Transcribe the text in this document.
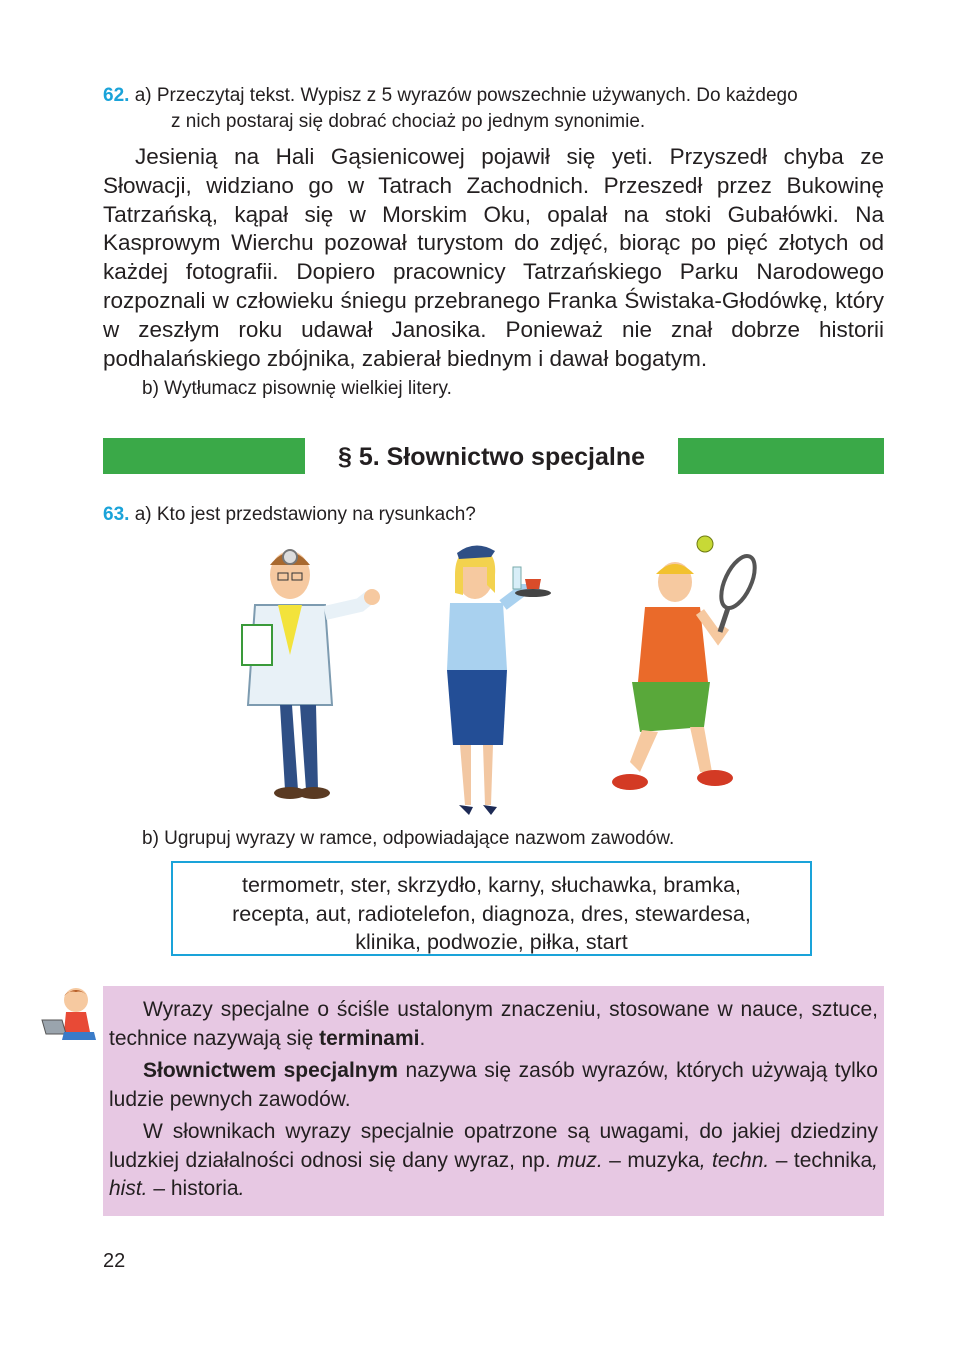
62. a) Przeczytaj tekst. Wypisz z 5 wyrazów powszechnie używanych. Do każdego
z nich postaraj się dobrać chociaż po jednym synonimie.

Jesienią na Hali Gąsienicowej pojawił się yeti. Przyszedł chyba ze Słowacji, widziano go w Tatrach Zachodnich. Przeszedł przez Bukowinę Tatrzańską, kąpał się w Morskim Oku, opalał na stoki Gubałówki. Na Kasprowym Wierchu pozował turystom do zdjęć, biorąc po pięć złotych od każdej fotografii. Dopiero pracownicy Tatrzańskiego Parku Narodowego rozpoznali w człowieku śniegu przebranego Franka Świstaka-Głodówkę, który w zeszłym roku udawał Janosika. Ponieważ nie znał dobrze historii podhalańskiego zbójnika, zabierał biednym i dawał bogatym.

b) Wytłumacz pisownię wielkiej litery.
§ 5. Słownictwo specjalne
63. a) Kto jest przedstawiony na rysunkach?
b) Ugrupuj wyrazy w ramce, odpowiadające nazwom zawodów.
termometr, ster, skrzydło, karny, słuchawka, bramka,
recepta, aut, radiotelefon, diagnoza, dres, stewardesa,
klinika, podwozie, piłka, start

Wyrazy specjalne o ściśle ustalonym znaczeniu, stosowane w nauce, sztuce, technice nazywają się terminami.

Słownictwem specjalnym nazywa się zasób wyrazów, których używają tylko ludzie pewnych zawodów.

W słownikach wyrazy specjalnie opatrzone są uwagami, do jakiej dziedziny ludzkiej działalności odnosi się dany wyraz, np. muz. – muzyka, techn. – technika, hist. – historia.

22
